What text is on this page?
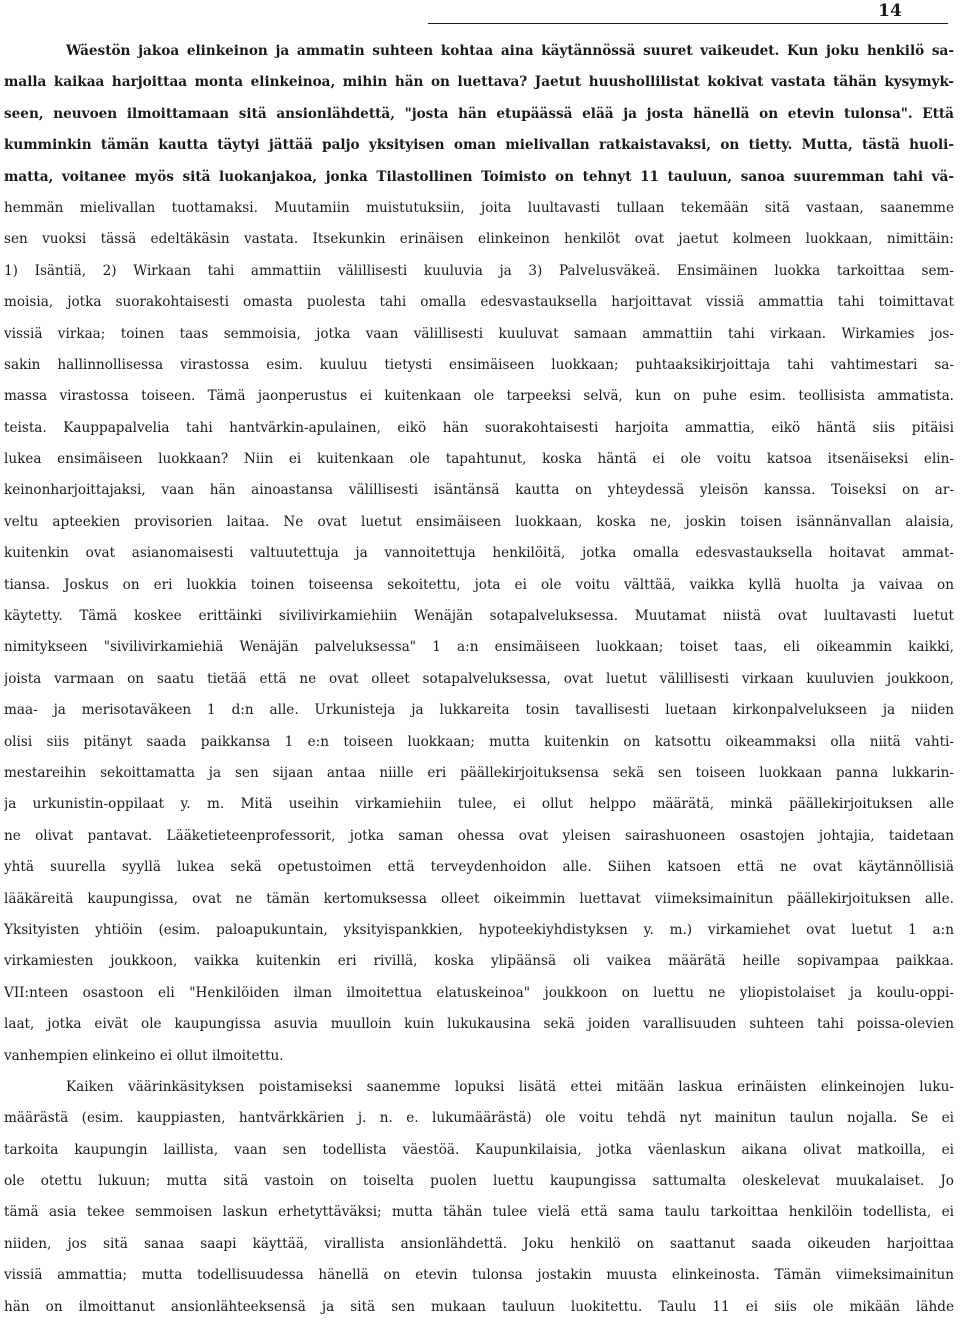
14
Wäestön jakoa elinkeinon ja ammatin suhteen kohtaa aina käytännössä suuret vaikeudet. Kun joku henkilö sa-
malla kaikaa harjoittaa monta elinkeinoa, mihin hän on luettava? Jaetut huushollilistat kokivat vastata tähän kysymyk-
seen, neuvoen ilmoittamaan sitä ansionlähdettä, "josta hän etupäässä elää ja josta hänellä on etevin tulonsa". Että
kumminkin tämän kautta täytyi jättää paljo yksityisen oman mielivallan ratkaistavaksi, on tietty. Mutta, tästä huoli-
matta, voitanee myös sitä luokanjakoa, jonka Tilastollinen Toimisto on tehnyt 11 tauluun, sanoa suuremman tahi vä-
hemmän mielivallan tuottamaksi. Muutamiin muistutuksiin, joita luultavasti tullaan tekemään sitä vastaan, saanemme
sen vuoksi tässä edeltäkäsin vastata. Itsekunkin erinäisen elinkeinon henkilöt ovat jaetut kolmeen luokkaan, nimittäin:
1) Isäntiä, 2) Wirkaan tahi ammattiin välillisesti kuuluvia ja 3) Palvelusväkeä. Ensimäinen luokka tarkoittaa sem-
moisia, jotka suorakohtaisesti omasta puolesta tahi omalla edesvastauksella harjoittavat vissiä ammattia tahi toimittavat
vissiä virkaa; toinen taas semmoisia, jotka vaan välillisesti kuuluvat samaan ammattiin tahi virkaan. Wirkamies jos-
sakin hallinnollisessa virastossa esim. kuuluu tietysti ensimäiseen luokkaan; puhtaaksikirjoittaja tahi vahtimestari sa-
massa virastossa toiseen. Tämä jaonperustus ei kuitenkaan ole tarpeeksi selvä, kun on puhe esim. teollisista ammatista.
teista. Kauppapalvelia tahi hantvärkin-apulainen, eikö hän suorakohtaisesti harjoita ammattia, eikö häntä siis pitäisi
lukea ensimäiseen luokkaan? Niin ei kuitenkaan ole tapahtunut, koska häntä ei ole voitu katsoa itsenäiseksi elin-
keinonharjoittajaksi, vaan hän ainoastansa välillisesti isäntänsä kautta on yhteydessä yleisön kanssa. Toiseksi on ar-
veltu apteekien provisorien laitaa. Ne ovat luetut ensimäiseen luokkaan, koska ne, joskin toisen isännänvallan alaisia,
kuitenkin ovat asianomaisesti valtuutettuja ja vannoitettuja henkilöitä, jotka omalla edesvastauksella hoitavat ammat-
tiansa. Joskus on eri luokkia toinen toiseensa sekoitettu, jota ei ole voitu välttää, vaikka kyllä huolta ja vaivaa on
käytetty. Tämä koskee erittäinki sivilivirkamiehiin Wenäjän sotapalveluksessa. Muutamat niistä ovat luultavasti luetut
nimitykseen "sivilivirkamiehiä Wenäjän palveluksessa" 1 a:n ensimäiseen luokkaan; toiset taas, eli oikeammin kaikki,
joista varmaan on saatu tietää että ne ovat olleet sotapalveluksessa, ovat luetut välillisesti virkaan kuuluvien joukkoon,
maa- ja merisotaväkeen 1 d:n alle. Urkunisteja ja lukkareita tosin tavallisesti luetaan kirkonpalvelukseen ja niiden
olisi siis pitänyt saada paikkansa 1 e:n toiseen luokkaan; mutta kuitenkin on katsottu oikeammaksi olla niitä vahti-
mestareihin sekoittamatta ja sen sijaan antaa niille eri päällekirjoituksensa sekä sen toiseen luokkaan panna lukkarin-
ja urkunistin-oppilaat y. m. Mitä useihin virkamiehiin tulee, ei ollut helppo määrätä, minkä päällekirjoituksen alle
ne olivat pantavat. Lääketieteenprofessorit, jotka saman ohessa ovat yleisen sairashuoneen osastojen johtajia, taidetaan
yhtä suurella syyllä lukea sekä opetustoimen että terveydenhoidon alle. Siihen katsoen että ne ovat käytännöllisiä
lääkäreitä kaupungissa, ovat ne tämän kertomuksessa olleet oikeimmin luettavat viimeksimainitun päällekirjoituksen alle.
Yksityisten yhtiöin (esim. paloapukuntain, yksityispankkien, hypoteekiyhdistyksen y. m.) virkamiehet ovat luetut 1 a:n
virkamiesten joukkoon, vaikka kuitenkin eri rivillä, koska ylipäänsä oli vaikea määrätä heille sopivampaa paikkaa.
VII:nteen osastoon eli "Henkilöiden ilman ilmoitettua elatuskeinoa" joukkoon on luettu ne yliopistolaiset ja koulu-oppi-
laat, jotka eivät ole kaupungissa asuvia muulloin kuin lukukausina sekä joiden varallisuuden suhteen tahi poissa-olevien
vanhempien elinkeino ei ollut ilmoitettu.
Kaiken väärinkäsityksen poistamiseksi saanemme lopuksi lisätä ettei mitään laskua erinäisten elinkeinojen luku-
määrästä (esim. kauppiasten, hantvärkkärien j. n. e. lukumäärästä) ole voitu tehdä nyt mainitun taulun nojalla. Se ei
tarkoita kaupungin laillista, vaan sen todellista väestöä. Kaupunkilaisia, jotka väenlaskun aikana olivat matkoilla, ei
ole otettu lukuun; mutta sitä vastoin on toiselta puolen luettu kaupungissa sattumalta oleskelevat muukalaiset. Jo
tämä asia tekee semmoisen laskun erhetyttäväksi; mutta tähän tulee vielä että sama taulu tarkoittaa henkilöin todellista, ei
niiden, jos sitä sanaa saapi käyttää, virallista ansionlähdettä. Joku henkilö on saattanut saada oikeuden harjoittaa
vissiä ammattia; mutta todellisuudessa hänellä on etevin tulonsa jostakin muusta elinkeinosta. Tämän viimeksimainitun
hän on ilmoittanut ansionlähteeksensä ja sitä sen mukaan tauluun luokitettu. Taulu 11 ei siis ole mikään lähde
